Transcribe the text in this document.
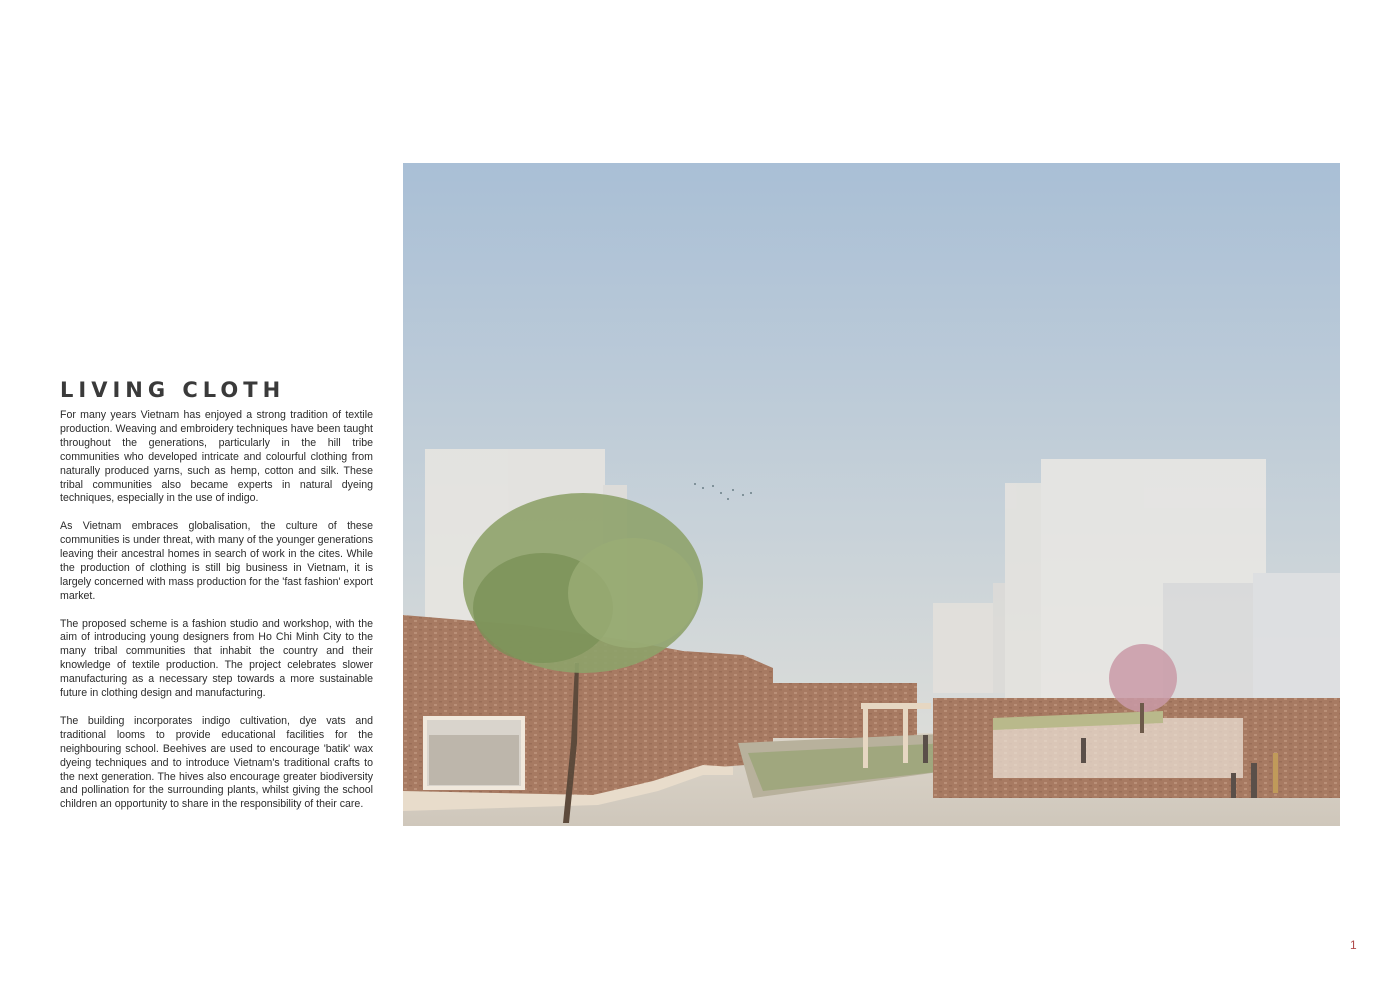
LIVING CLOTH

For many years Vietnam has enjoyed a strong tradition of textile production. Weaving and embroidery techniques have been taught throughout the generations, particularly in the hill tribe communities who developed intricate and colourful clothing from naturally produced yarns, such as hemp, cotton and silk. These tribal communities also became experts in natural dyeing techniques, especially in the use of indigo.

As Vietnam embraces globalisation, the culture of these communities is under threat, with many of the younger generations leaving their ancestral homes in search of work in the cites. While the production of clothing is still big business in Vietnam, it is largely concerned with mass production for the 'fast fashion' export market.

The proposed scheme is a fashion studio and workshop, with the aim of introducing young designers from Ho Chi Minh City to the many tribal communities that inhabit the country and their knowledge of textile production. The project celebrates slower manufacturing as a necessary step towards a more sustainable future in clothing design and manufacturing.

The building incorporates indigo cultivation, dye vats and traditional looms to provide educational facilities for the neighbouring school. Beehives are used to encourage 'batik' wax dyeing techniques and to introduce Vietnam's traditional crafts to the next generation. The hives also encourage greater biodiversity and pollination for the surrounding plants, whilst giving the school children an opportunity to share in the responsibility of their care.

1
